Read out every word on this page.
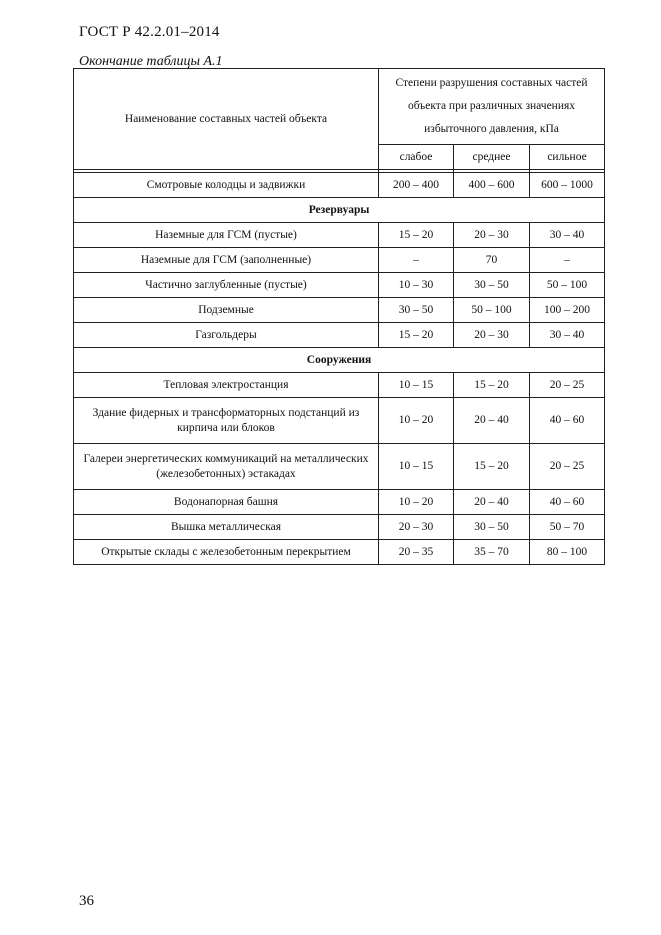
ГОСТ Р 42.2.01–2014
Окончание таблицы А.1
Наименование составных частей объекта	Степени разрушения составных частей объекта при различных значениях избыточного давления, кПа		
	слабое	среднее	сильное

Смотровые колодцы и задвижки	200 – 400	400 – 600	600 – 1000
Резервуары			
Наземные для ГСМ (пустые)	15 – 20	20 – 30	30 – 40
Наземные для ГСМ (заполненные)	–	70	–
Частично заглубленные (пустые)	10 – 30	30 – 50	50 – 100
Подземные	30 – 50	50 – 100	100 – 200
Газгольдеры	15 – 20	20 – 30	30 – 40
Сооружения			
Тепловая электростанция	10 – 15	15 – 20	20 – 25
Здание фидерных и трансформаторных подстанций из кирпича или блоков	10 – 20	20 – 40	40 – 60
Галереи энергетических коммуникаций на металлических (железобетонных) эстакадах	10 – 15	15 – 20	20 – 25
Водонапорная башня	10 – 20	20 – 40	40 – 60
Вышка металлическая	20 – 30	30 – 50	50 – 70
Открытые склады с железобетонным перекрытием	20 – 35	35 – 70	80 – 100
36
